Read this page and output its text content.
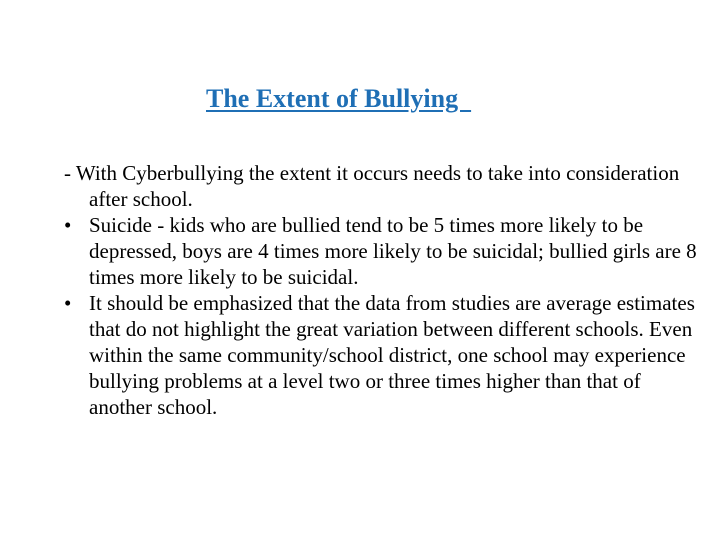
The Extent of Bullying

- With Cyberbullying the extent it occurs needs to take into consideration after school.

• Suicide - kids who are bullied tend to be 5 times more likely to be depressed, boys are 4 times more likely to be suicidal; bullied girls are 8 times more likely to be suicidal.

• It should be emphasized that the data from studies are average estimates that do not highlight the great variation between different schools. Even within the same community/school district, one school may experience bullying problems at a level two or three times higher than that of another school.
